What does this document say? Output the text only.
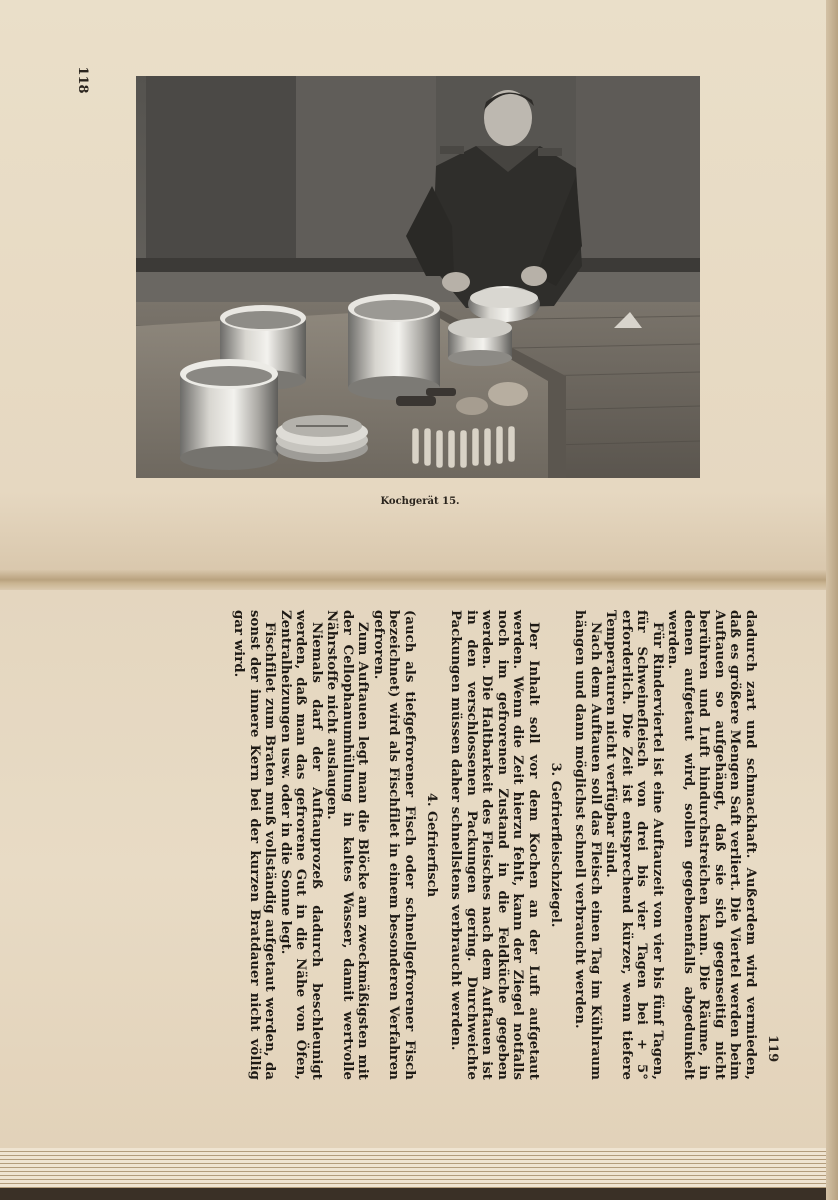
118
Kochgerät 15.
119

dadurch zart und schmackhaft. Außerdem wird vermieden, daß es größere Mengen Saft verliert. Die Viertel werden beim Auftauen so aufgehängt, daß sie sich gegenseitig nicht berühren und Luft hindurchstreichen kann. Die Räume, in denen aufgetaut wird, sollen gegebenenfalls abgedunkelt werden.

Für Rinderviertel ist eine Auftauzeit von vier bis fünf Tagen, für Schweinefleisch von drei bis vier Tagen bei + 5° erforderlich. Die Zeit ist entsprechend kürzer, wenn tiefere Temperaturen nicht verfügbar sind.

Nach dem Auftauen soll das Fleisch einen Tag im Kühlraum hängen und dann möglichst schnell verbraucht werden.

3. Gefrierfleischziegel.

Der Inhalt soll vor dem Kochen an der Luft aufgetaut werden. Wenn die Zeit hierzu fehlt, kann der Ziegel notfalls noch im gefrorenen Zustand in die Feldküche gegeben werden. Die Haltbarkeit des Fleisches nach dem Auftauen ist in den verschlossenen Packungen gering. Durchweichte Packungen müssen daher schnellstens verbraucht werden.

4. Gefrierfisch

(auch als tiefgefrorener Fisch oder schnellgefrorener Fisch bezeichnet) wird als Fischfilet in einem besonderen Verfahren gefroren.

Zum Auftauen legt man die Blöcke am zweckmäßigsten mit der Cellophanumhüllung in kaltes Wasser, damit wertvolle Nährstoffe nicht auslaugen.

Niemals darf der Auftauprozeß dadurch beschleunigt werden, daß man das gefrorene Gut in die Nähe von Öfen, Zentralheizungen usw. oder in die Sonne legt.

Fischfilet zum Braten muß vollständig aufgetaut werden, da sonst der innere Kern bei der kurzen Bratdauer nicht völlig gar wird.
